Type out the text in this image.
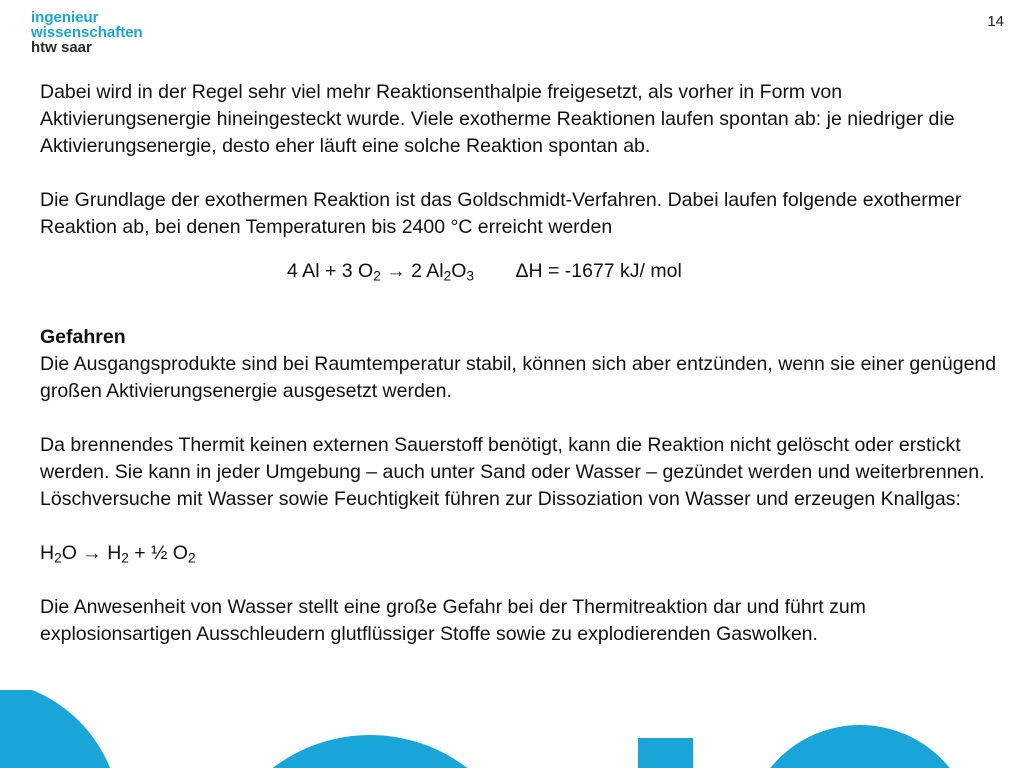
ingenieur
wissenschaften
htw saar
14

Dabei wird in der Regel sehr viel mehr Reaktionsenthalpie freigesetzt, als vorher in Form von Aktivierungsenergie hineingesteckt wurde. Viele exotherme Reaktionen laufen spontan ab: je niedriger die Aktivierungsenergie, desto eher läuft eine solche Reaktion spontan ab.

Die Grundlage der exothermen Reaktion ist das Goldschmidt-Verfahren. Dabei laufen folgende exothermer Reaktion ab, bei denen Temperaturen bis 2400 °C erreicht werden

4 Al + 3 $O_2 \to 2$ $Al_2O_3$ ΔH = -1677 kJ/ mol

Gefahren

Die Ausgangsprodukte sind bei Raumtemperatur stabil, können sich aber entzünden, wenn sie einer genügend großen Aktivierungsenergie ausgesetzt werden.

Da brennendes Thermit keinen externen Sauerstoff benötigt, kann die Reaktion nicht gelöscht oder erstickt werden. Sie kann in jeder Umgebung – auch unter Sand oder Wasser – gezündet werden und weiterbrennen. Löschversuche mit Wasser sowie Feuchtigkeit führen zur Dissoziation von Wasser und erzeugen Knallgas:

$H_2O \to H_2$ + ½ $O_2$

Die Anwesenheit von Wasser stellt eine große Gefahr bei der Thermitreaktion dar und führt zum explosionsartigen Ausschleudern glutflüssiger Stoffe sowie zu explodierenden Gaswolken.
